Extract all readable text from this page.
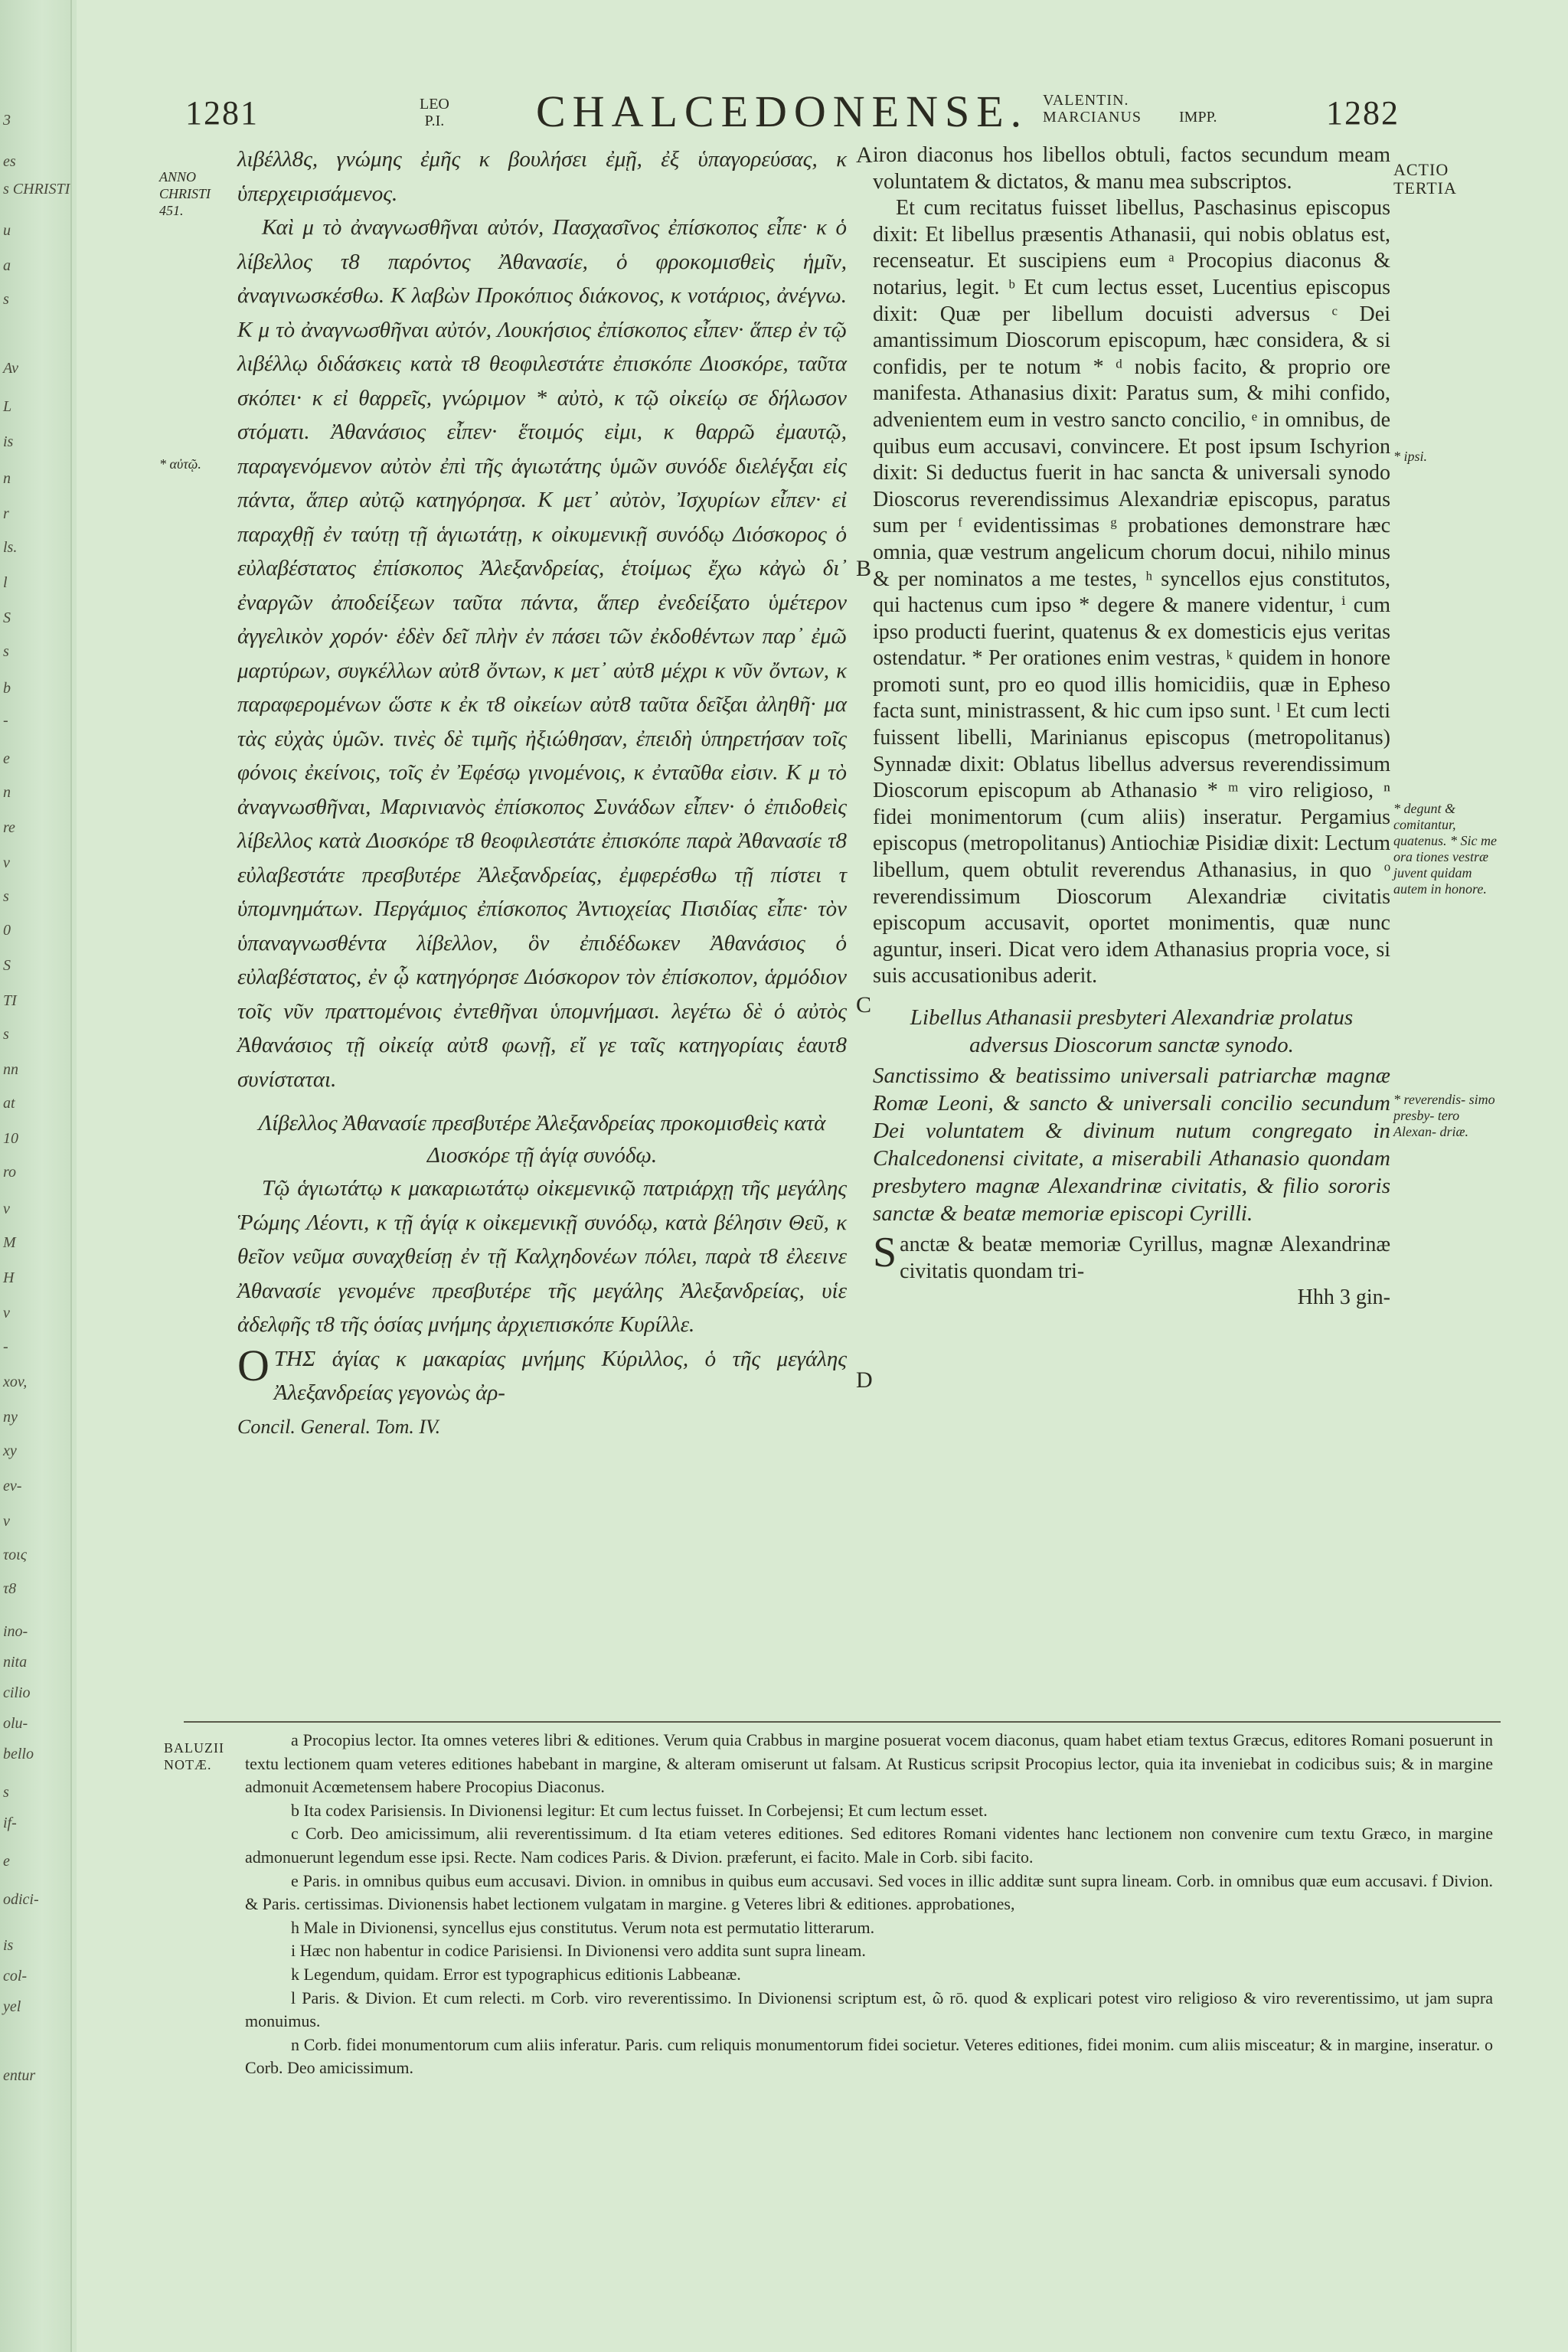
3
es
s CHRISTI
u
a
s
Av
L
is
n
r
ls.
l
S
s
b
-
e
n
re
v
s
0
S
TI
s
nn
at
10
ro
v
M
H
v
-
xov,
ny
xy
ev-
ν
τοις
τ8
ino-
nita
cilio
olu-
bello
s
if-
e
odici-
is
col-
yel
entur
1281	LEO
P.I. CHALCEDONENSE. VALENTIN.
MARCIANUS IMPP.	1282
ANNO
CHRISTI
451.
* αὐτῷ.

λιβέλλ8ς, γνώμης ἐμῆς κ βουλήσει ἐμῇ, ἐξ ὑπαγορεύσας, κ ὑπερχειρισάμενος.

Καὶ μ τὸ ἀναγνωσθῆναι αὐτόν, Πασχασῖνος ἐπίσκοπος εἶπε· κ ὁ λίβελλος τ8 παρόντος Ἀθανασίε, ὁ φροκομισθεὶς ἡμῖν, ἀναγινωσκέσθω. Κ λαβὼν Προκόπιος διάκονος, κ νοτάριος, ἀνέγνω. Κ μ τὸ ἀναγνωσθῆναι αὐτόν, Λουκήσιος ἐπίσκοπος εἶπεν· ἅπερ ἐν τῷ λιβέλλῳ διδάσκεις κατὰ τ8 θεοφιλεστάτε ἐπισκόπε Διοσκόρε, ταῦτα σκόπει· κ εἰ θαρρεῖς, γνώριμον * αὐτὸ, κ τῷ οἰκείῳ σε δήλωσον στόματι. Ἀθανάσιος εἶπεν· ἕτοιμός εἰμι, κ θαρρῶ ἐμαυτῷ, παραγενόμενον αὐτὸν ἐπὶ τῆς ἁγιωτάτης ὑμῶν συνόδε διελέγξαι εἰς πάντα, ἅπερ αὐτῷ κατηγόρησα. Κ μετ᾽ αὐτὸν, Ἰσχυρίων εἶπεν· εἰ παραχθῇ ἐν ταύτῃ τῇ ἁγιωτάτῃ, κ οἰκυμενικῇ συνόδῳ Διόσκορος ὁ εὐλαβέστατος ἐπίσκοπος Ἀλεξανδρείας, ἑτοίμως ἔχω κἀγὼ δι᾽ ἐναργῶν ἀποδείξεων ταῦτα πάντα, ἅπερ ἐνεδείξατο ὑμέτερον ἀγγελικὸν χορόν· ἐδὲν δεῖ πλὴν ἐν πάσει τῶν ἐκδοθέντων παρ᾽ ἐμῶ μαρτύρων, συγκέλλων αὐτ8 ὄντων, κ μετ᾽ αὐτ8 μέχρι κ νῦν ὄντων, κ παραφερομένων ὥστε κ ἐκ τ8 οἰκείων αὐτ8 ταῦτα δεῖξαι ἀληθῆ· μα τὰς εὐχὰς ὑμῶν. τινὲς δὲ τιμῆς ἠξιώθησαν, ἐπειδὴ ὑπηρετήσαν τοῖς φόνοις ἐκείνοις, τοῖς ἐν Ἐφέσῳ γινομένοις, κ ἐνταῦθα εἰσιν. Κ μ τὸ ἀναγνωσθῆναι, Μαρινιανὸς ἐπίσκοπος Συνάδων εἶπεν· ὁ ἐπιδοθεὶς λίβελλος κατὰ Διοσκόρε τ8 θεοφιλεστάτε ἐπισκόπε παρὰ Ἀθανασίε τ8 εὐλαβεστάτε πρεσβυτέρε Ἀλεξανδρείας, ἐμφερέσθω τῇ πίστει τ ὑπομνημάτων. Περγάμιος ἐπίσκοπος Ἀντιοχείας Πισιδίας εἶπε· τὸν ὑπαναγνωσθέντα λίβελλον, ὃν ἐπιδέδωκεν Ἀθανάσιος ὁ εὐλαβέστατος, ἐν ᾧ κατηγόρησε Διόσκορον τὸν ἐπίσκοπον, ἁρμόδιον τοῖς νῦν πραττομένοις ἐντεθῆναι ὑπομνήμασι. λεγέτω δὲ ὁ αὐτὸς Ἀθανάσιος τῇ οἰκείᾳ αὐτ8 φωνῇ, εἴ γε ταῖς κατηγορίαις ἑαυτ8 συνίσταται.

Λίβελλος Ἀθανασίε πρεσβυτέρε Ἀλεξανδρείας προκομισθεὶς κατὰ Διοσκόρε τῇ ἁγίᾳ συνόδῳ.

Τῷ ἁγιωτάτῳ κ μακαριωτάτῳ οἰκεμενικῷ πατριάρχῃ τῆς μεγάλης Ῥώμης Λέοντι, κ τῇ ἁγίᾳ κ οἰκεμενικῇ συνόδῳ, κατὰ βέλησιν Θεῦ, κ θεῖον νεῦμα συναχθείσῃ ἐν τῇ Καλχηδονέων πόλει, παρὰ τ8 ἐλεεινε Ἀθανασίε γενομένε πρεσβυτέρε τῆς μεγάλης Ἀλεξανδρείας, υἱε ἀδελφῆς τ8 τῆς ὁσίας μνήμης ἀρχιεπισκόπε Κυρίλλε.

ΟΤΗΣ ἁγίας κ μακαρίας μνήμης Κύριλλος, ὁ τῆς μεγάλης Ἀλεξανδρείας γεγονὼς ἀρ-

Concil. General. Tom. IV.

A
B
C
D

iron diaconus hos libellos obtuli, factos secundum meam voluntatem & dictatos, & manu mea subscriptos.

Et cum recitatus fuisset libellus, Paschasinus episcopus dixit: Et libellus præsentis Athanasii, qui nobis oblatus est, recenseatur. Et suscipiens eum ᵃ Procopius diaconus & notarius, legit. ᵇ Et cum lectus esset, Lucentius episcopus dixit: Quæ per libellum docuisti adversus ᶜ Dei amantissimum Dioscorum episcopum, hæc considera, & si confidis, per te notum * ᵈ nobis facito, & proprio ore manifesta. Athanasius dixit: Paratus sum, & mihi confido, advenientem eum in vestro sancto concilio, ᵉ in omnibus, de quibus eum accusavi, convincere. Et post ipsum Ischyrion dixit: Si deductus fuerit in hac sancta & universali synodo Dioscorus reverendissimus Alexandriæ episcopus, paratus sum per ᶠ evidentissimas ᵍ probationes demonstrare hæc omnia, quæ vestrum angelicum chorum docui, nihilo minus & per nominatos a me testes, ʰ syncellos ejus constitutos, qui hactenus cum ipso * degere & manere videntur, ⁱ cum ipso producti fuerint, quatenus & ex domesticis ejus veritas ostendatur. * Per orationes enim vestras, ᵏ quidem in honore promoti sunt, pro eo quod illis homicidiis, quæ in Epheso facta sunt, ministrassent, & hic cum ipso sunt. ˡ Et cum lecti fuissent libelli, Marinianus episcopus (metropolitanus) Synnadæ dixit: Oblatus libellus adversus reverendissimum Dioscorum episcopum ab Athanasio * ᵐ viro religioso, ⁿ fidei monimentorum (cum aliis) inseratur. Pergamius episcopus (metropolitanus) Antiochiæ Pisidiæ dixit: Lectum libellum, quem obtulit reverendus Athanasius, in quo ᵒ reverendissimum Dioscorum Alexandriæ civitatis episcopum accusavit, oportet monimentis, quæ nunc aguntur, inseri. Dicat vero idem Athanasius propria voce, si suis accusationibus aderit.

Libellus Athanasii presbyteri Alexandriæ prolatus adversus Dioscorum sanctæ synodo.

Sanctissimo & beatissimo universali patriarchæ magnæ Romæ Leoni, & sancto & universali concilio secundum Dei voluntatem & divinum nutum congregato in Chalcedonensi civitate, a miserabili Athanasio quondam presbytero magnæ Alexandrinæ civitatis, & filio sororis sanctæ & beatæ memoriæ episcopi Cyrilli.

Sanctæ & beatæ memoriæ Cyrillus, magnæ Alexandrinæ civitatis quondam tri-

Hhh 3 gin-

ACTIO
TERTIA
* ipsi.
* degunt & comitantur, quatenus. * Sic me ora tiones vestræ juvent quidam autem in honore.
* reverendis- simo presby- tero Alexan- driæ.
BALUZII
NOTÆ.

a Procopius lector. Ita omnes veteres libri & editiones. Verum quia Crabbus in margine posuerat vocem diaconus, quam habet etiam textus Græcus, editores Romani posuerunt in textu lectionem quam veteres editiones habebant in margine, & alteram omiserunt ut falsam. At Rusticus scripsit Procopius lector, quia ita inveniebat in codicibus suis; & in margine admonuit Acœmetensem habere Procopius Diaconus.

b Ita codex Parisiensis. In Divionensi legitur: Et cum lectus fuisset. In Corbejensi; Et cum lectum esset.

c Corb. Deo amicissimum, alii reverentissimum. d Ita etiam veteres editiones. Sed editores Romani videntes hanc lectionem non convenire cum textu Græco, in margine admonuerunt legendum esse ipsi. Recte. Nam codices Paris. & Divion. præferunt, ei facito. Male in Corb. sibi facito.

e Paris. in omnibus quibus eum accusavi. Divion. in omnibus in quibus eum accusavi. Sed voces in illic additæ sunt supra lineam. Corb. in omnibus quæ eum accusavi. f Divion. & Paris. certissimas. Divionensis habet lectionem vulgatam in margine. g Veteres libri & editiones. approbationes,

h Male in Divionensi, syncellus ejus constitutus. Verum nota est permutatio litterarum.

i Hæc non habentur in codice Parisiensi. In Divionensi vero addita sunt supra lineam.

k Legendum, quidam. Error est typographicus editionis Labbeanæ.

l Paris. & Divion. Et cum relecti. m Corb. viro reverentissimo. In Divionensi scriptum est, ῶ rō. quod & explicari potest viro religioso & viro reverentissimo, ut jam supra monuimus.

n Corb. fidei monumentorum cum aliis inferatur. Paris. cum reliquis monumentorum fidei societur. Veteres editiones, fidei monim. cum aliis misceatur; & in margine, inseratur. o Corb. Deo amicissimum.
